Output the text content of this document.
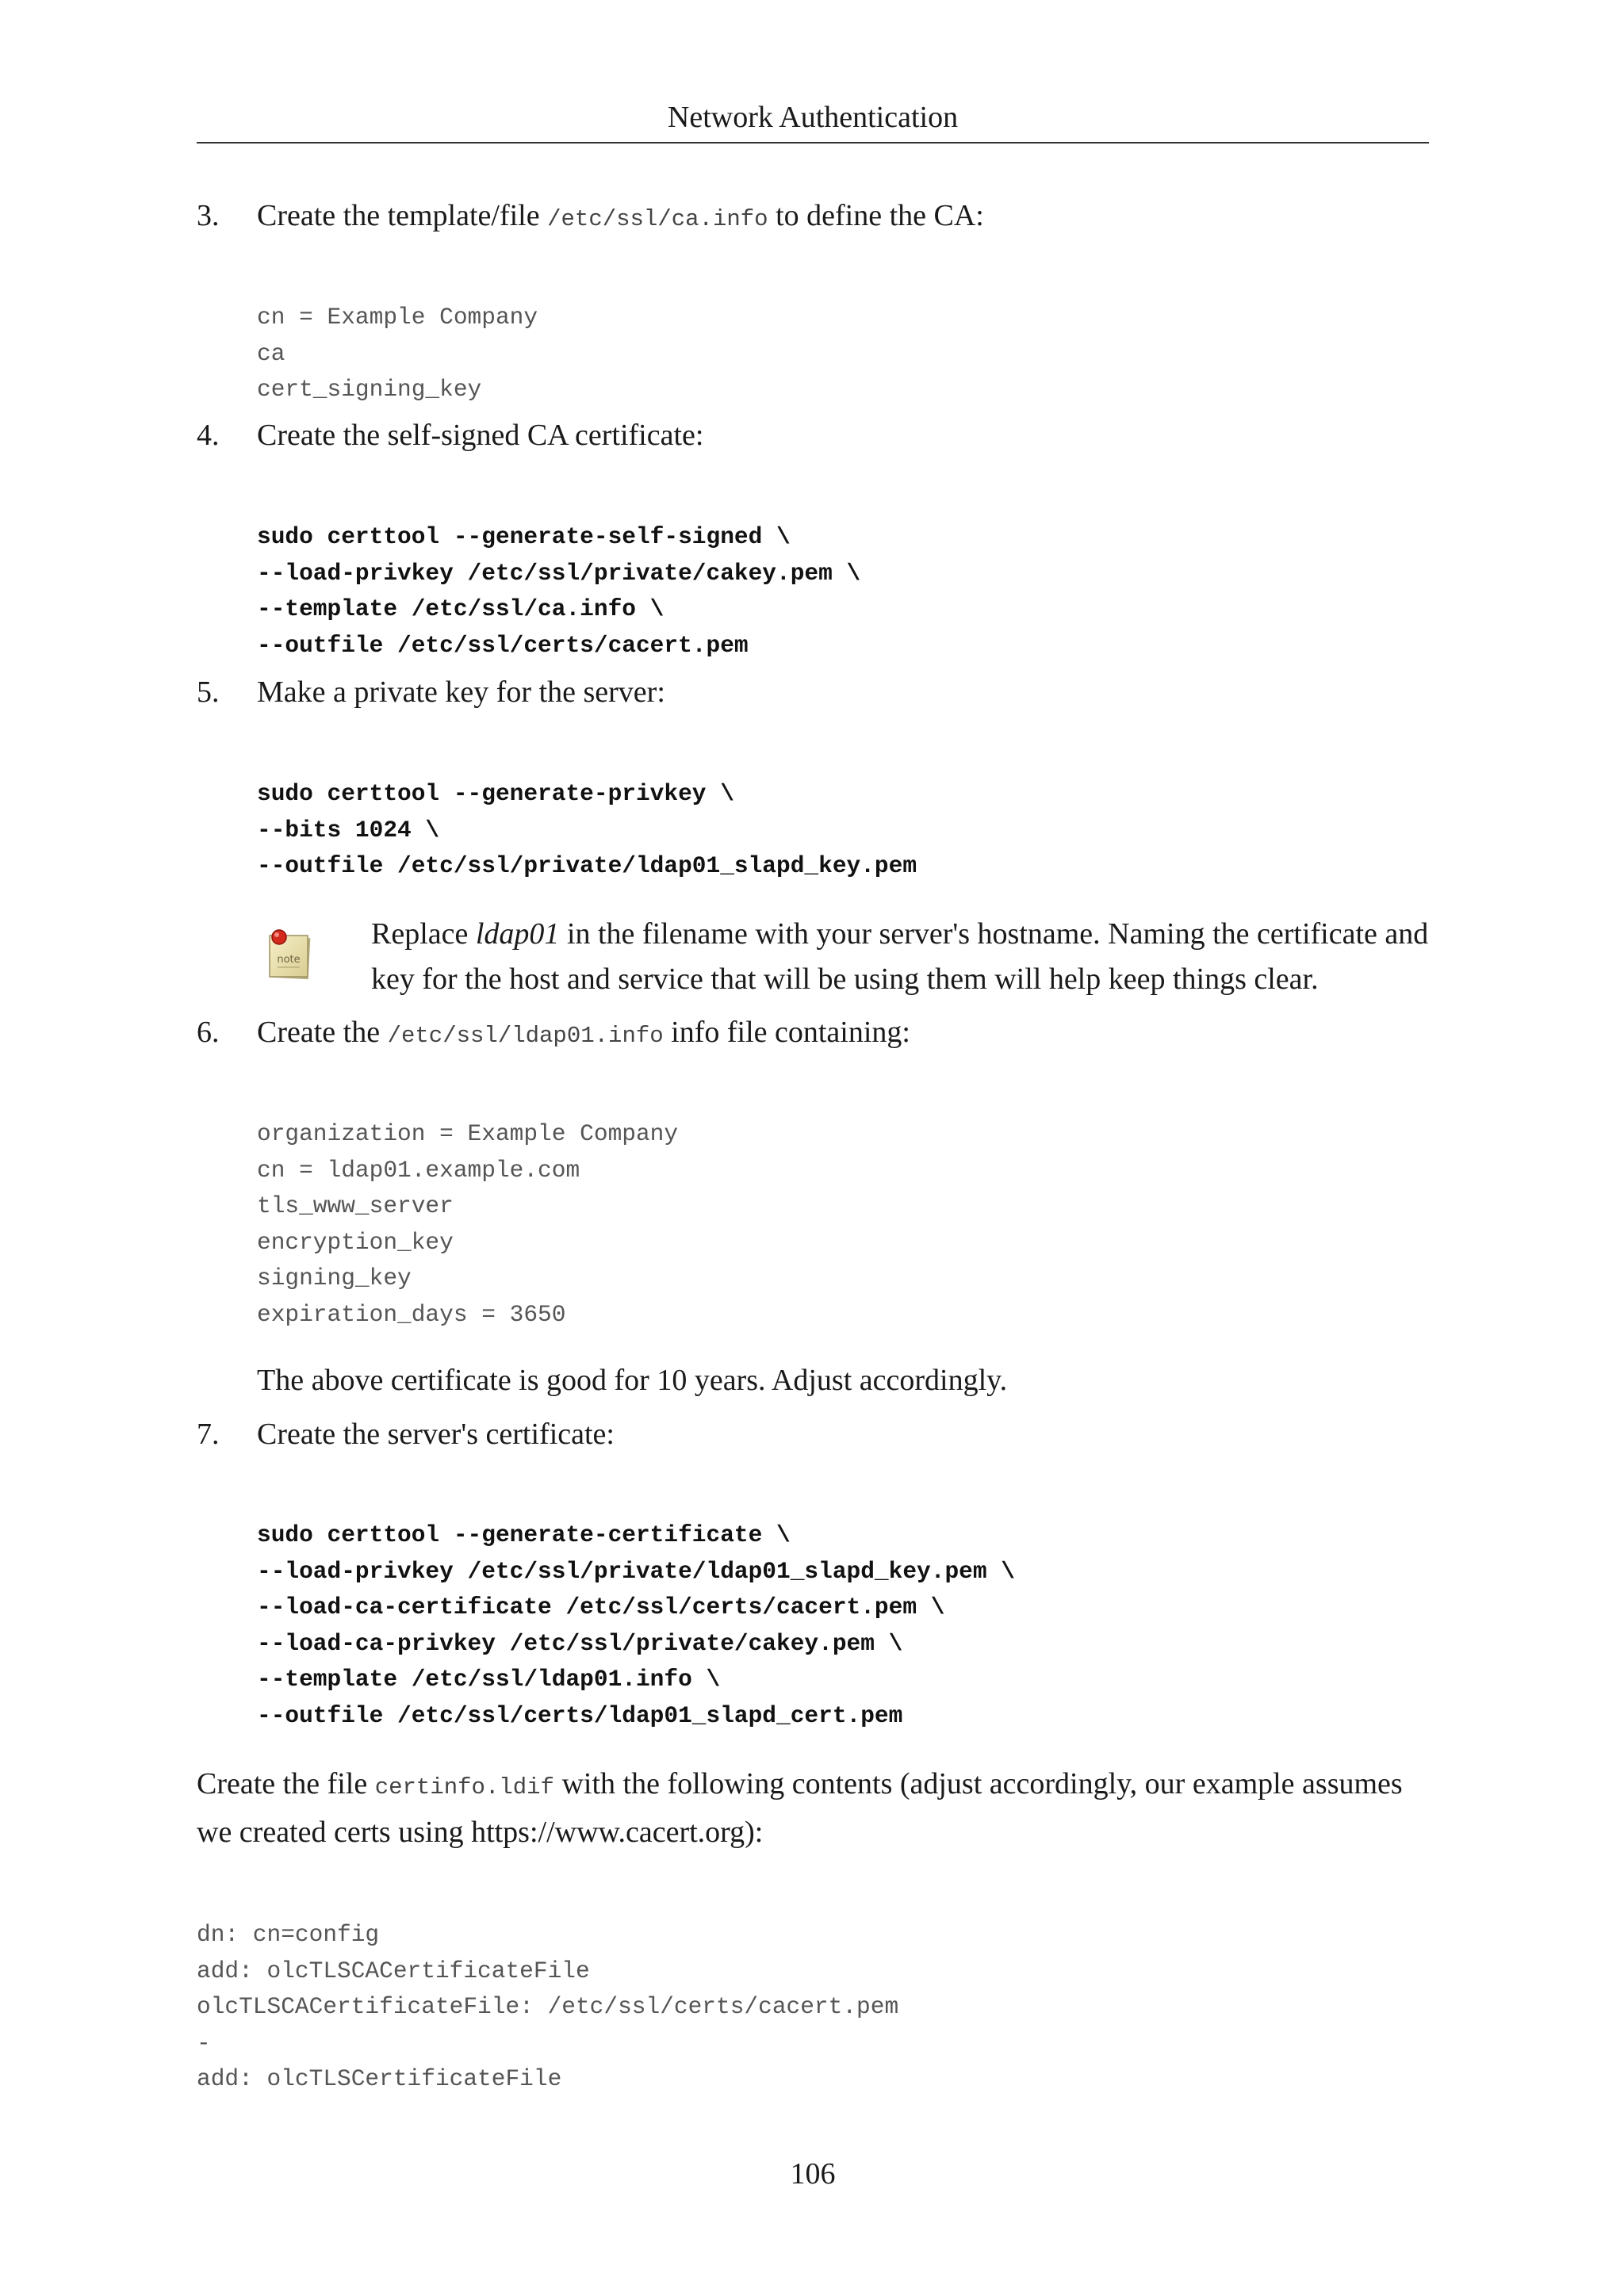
Network Authentication
3. Create the template/file /etc/ssl/ca.info to define the CA:
cn = Example Company
ca
cert_signing_key
4. Create the self-signed CA certificate:
sudo certtool --generate-self-signed \
--load-privkey /etc/ssl/private/cakey.pem \
--template /etc/ssl/ca.info \
--outfile /etc/ssl/certs/cacert.pem
5. Make a private key for the server:
sudo certtool --generate-privkey \
--bits 1024 \
--outfile /etc/ssl/private/ldap01_slapd_key.pem
note
Replace ldap01 in the filename with your server's hostname. Naming the certificate and key for the host and service that will be using them will help keep things clear.
6. Create the /etc/ssl/ldap01.info info file containing:
organization = Example Company
cn = ldap01.example.com
tls_www_server
encryption_key
signing_key
expiration_days = 3650
The above certificate is good for 10 years. Adjust accordingly.
7. Create the server's certificate:
sudo certtool --generate-certificate \
--load-privkey /etc/ssl/private/ldap01_slapd_key.pem \
--load-ca-certificate /etc/ssl/certs/cacert.pem \
--load-ca-privkey /etc/ssl/private/cakey.pem \
--template /etc/ssl/ldap01.info \
--outfile /etc/ssl/certs/ldap01_slapd_cert.pem
Create the file certinfo.ldif with the following contents (adjust accordingly, our example assumes we created certs using https://www.cacert.org):
dn: cn=config
add: olcTLSCACertificateFile
olcTLSCACertificateFile: /etc/ssl/certs/cacert.pem
-
add: olcTLSCertificateFile
106
